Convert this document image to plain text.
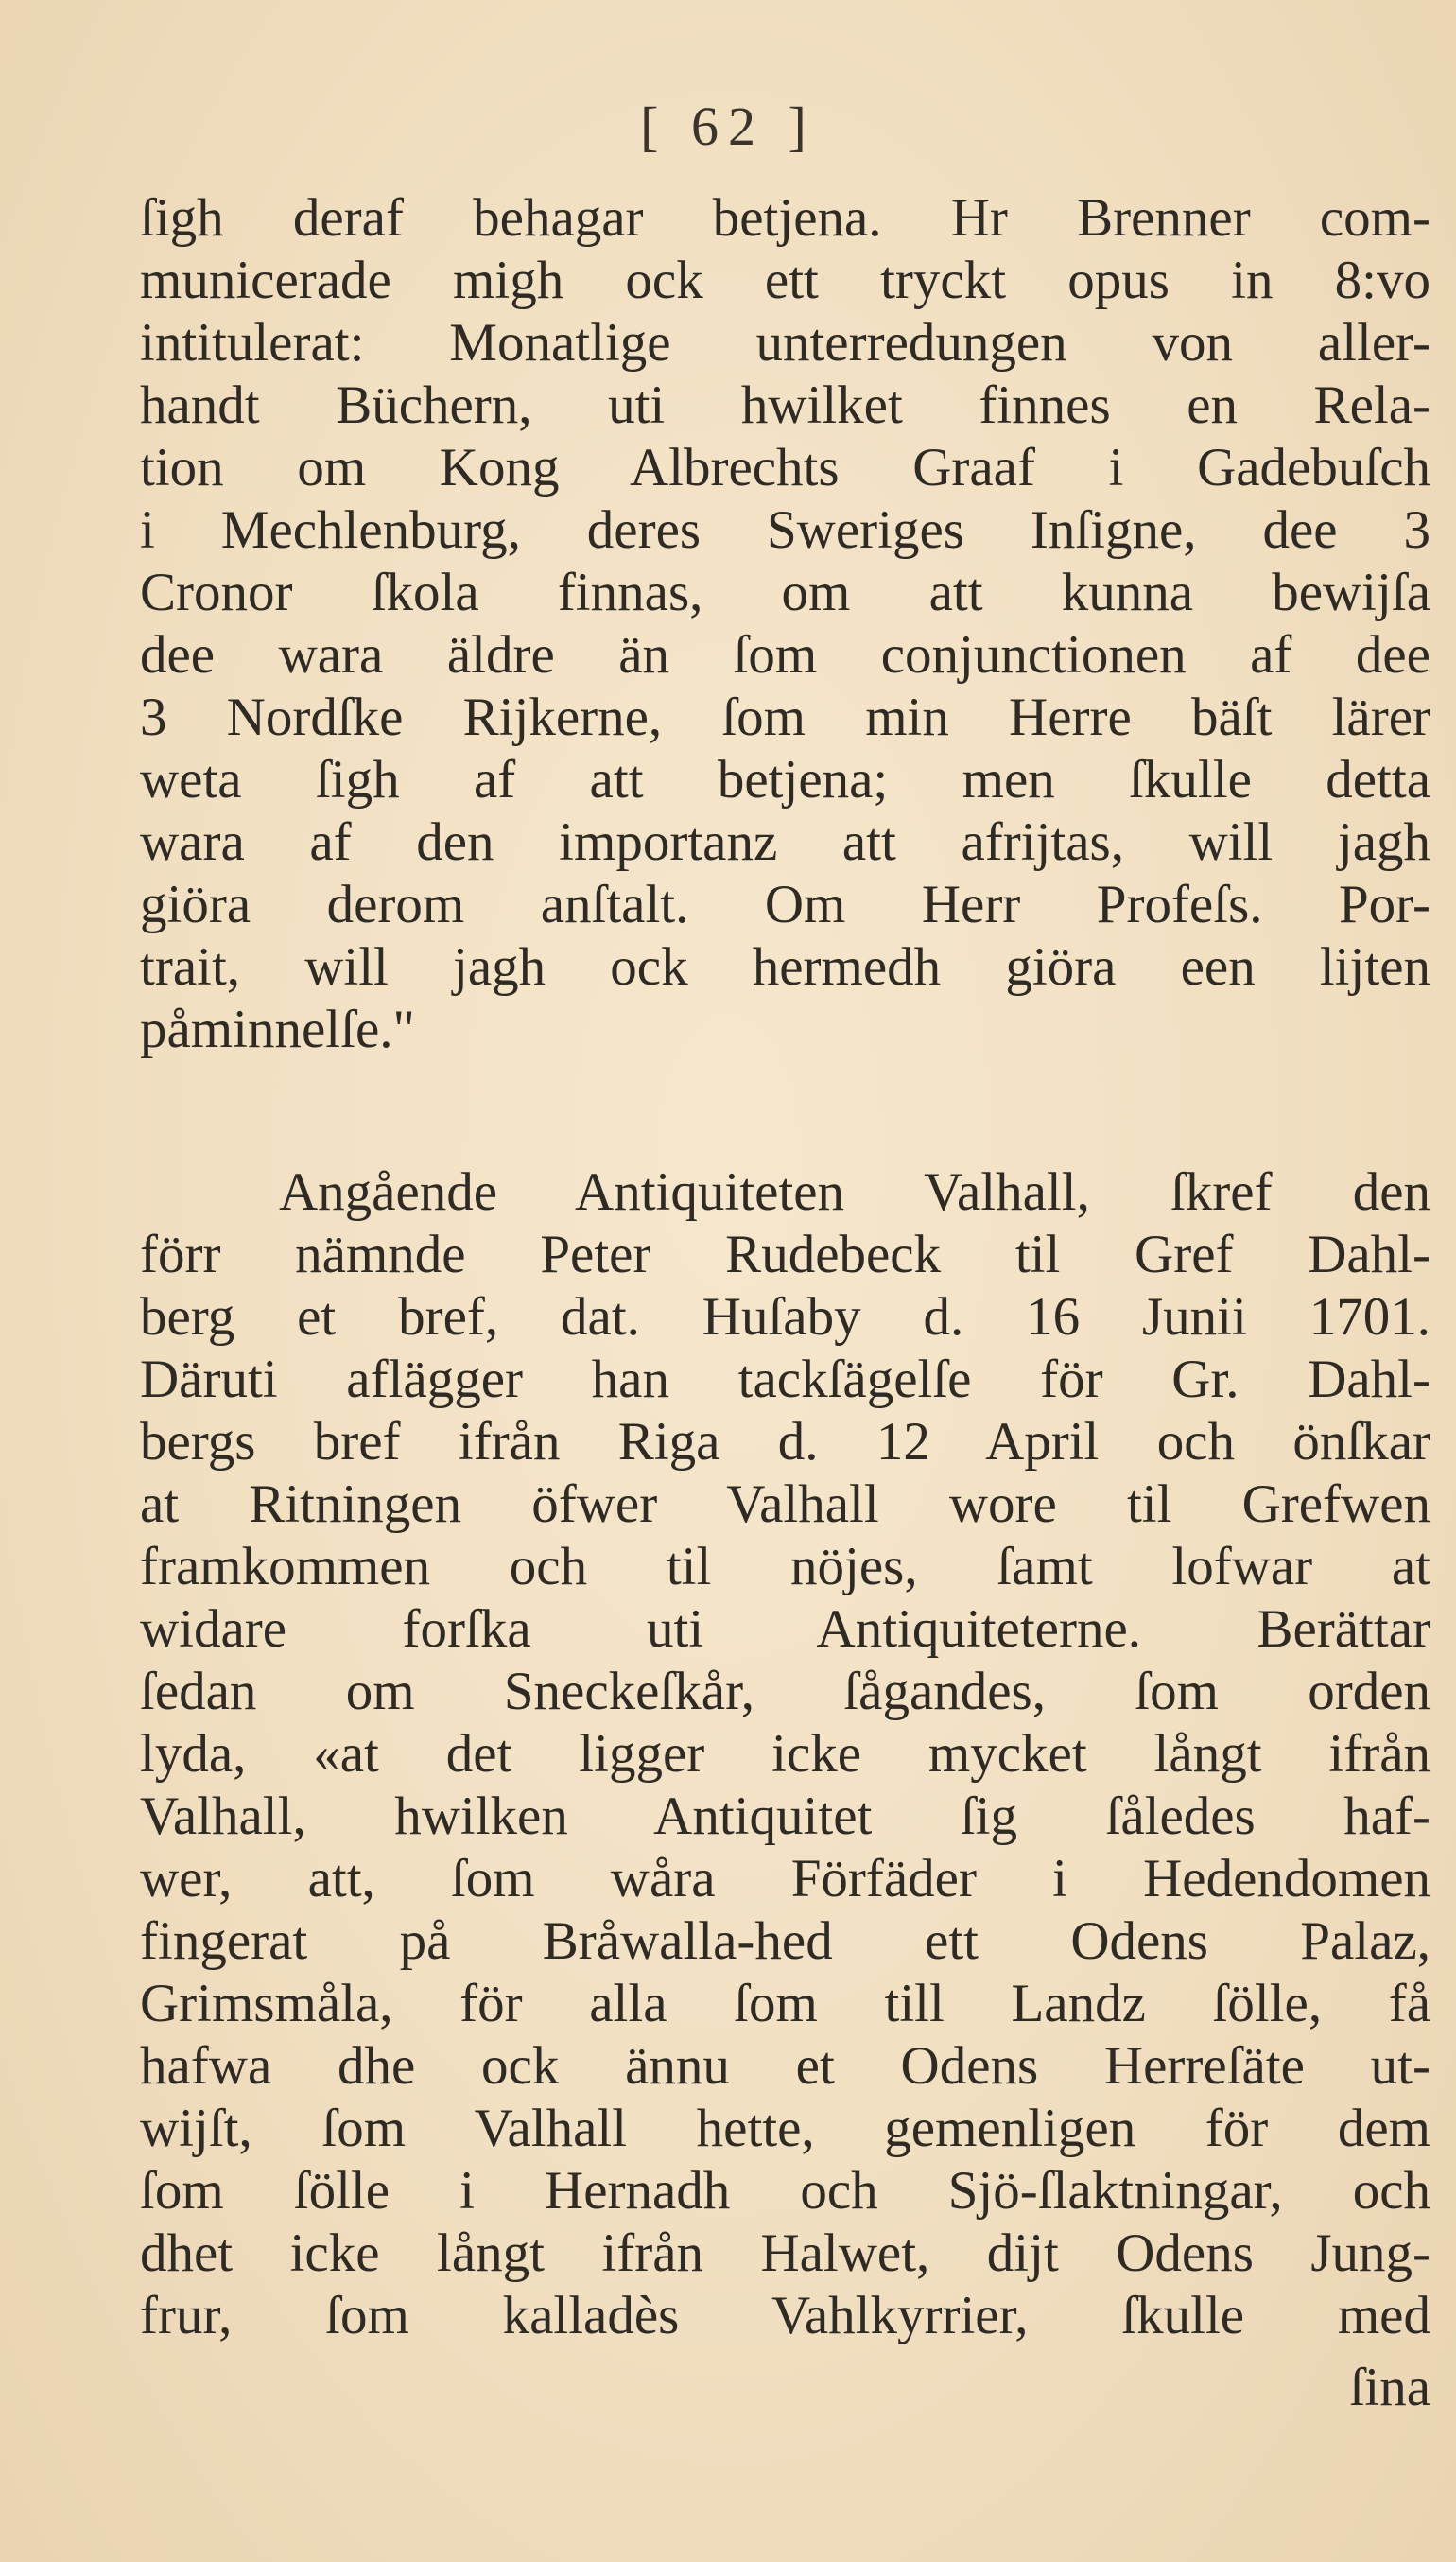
[ 62 ]
ſigh deraf behagar betjena. Hr Brenner com-
municerade migh ock ett tryckt opus in 8:vo
intitulerat: Monatlige unterredungen von aller-
handt Büchern, uti hwilket finnes en Rela-
tion om Kong Albrechts Graaf i Gadebuſch
i Mechlenburg, deres Sweriges Inſigne, dee 3
Cronor ſkola finnas, om att kunna bewijſa
dee wara äldre än ſom conjunctionen af dee
3 Nordſke Rijkerne, ſom min Herre bäſt lärer
weta ſigh af att betjena; men ſkulle detta
wara af den importanz att afrijtas, will jagh
giöra derom anſtalt. Om Herr Profeſs. Por-
trait, will jagh ock hermedh giöra een lijten
påminnelſe."
Angående Antiquiteten Valhall, ſkref den
förr nämnde Peter Rudebeck til Gref Dahl-
berg et bref, dat. Huſaby d. 16 Junii 1701.
Däruti aflägger han tackſägelſe för Gr. Dahl-
bergs bref ifrån Riga d. 12 April och önſkar
at Ritningen öfwer Valhall wore til Grefwen
framkommen och til nöjes, ſamt lofwar at
widare forſka uti Antiquiteterne. Berättar
ſedan om Sneckeſkår, ſågandes, ſom orden
lyda, «at det ligger icke mycket långt ifrån
Valhall, hwilken Antiquitet ſig ſåledes haf-
wer, att, ſom wåra Förfäder i Hedendomen
fingerat på Bråwalla-hed ett Odens Palaz,
Grimsmåla, för alla ſom till Landz ſölle, få
hafwa dhe ock ännu et Odens Herreſäte ut-
wijſt, ſom Valhall hette, gemenligen för dem
ſom ſölle i Hernadh och Sjö-ſlaktningar, och
dhet icke långt ifrån Halwet, dijt Odens Jung-
frur, ſom kalladès Vahlkyrrier, ſkulle med
ſina
